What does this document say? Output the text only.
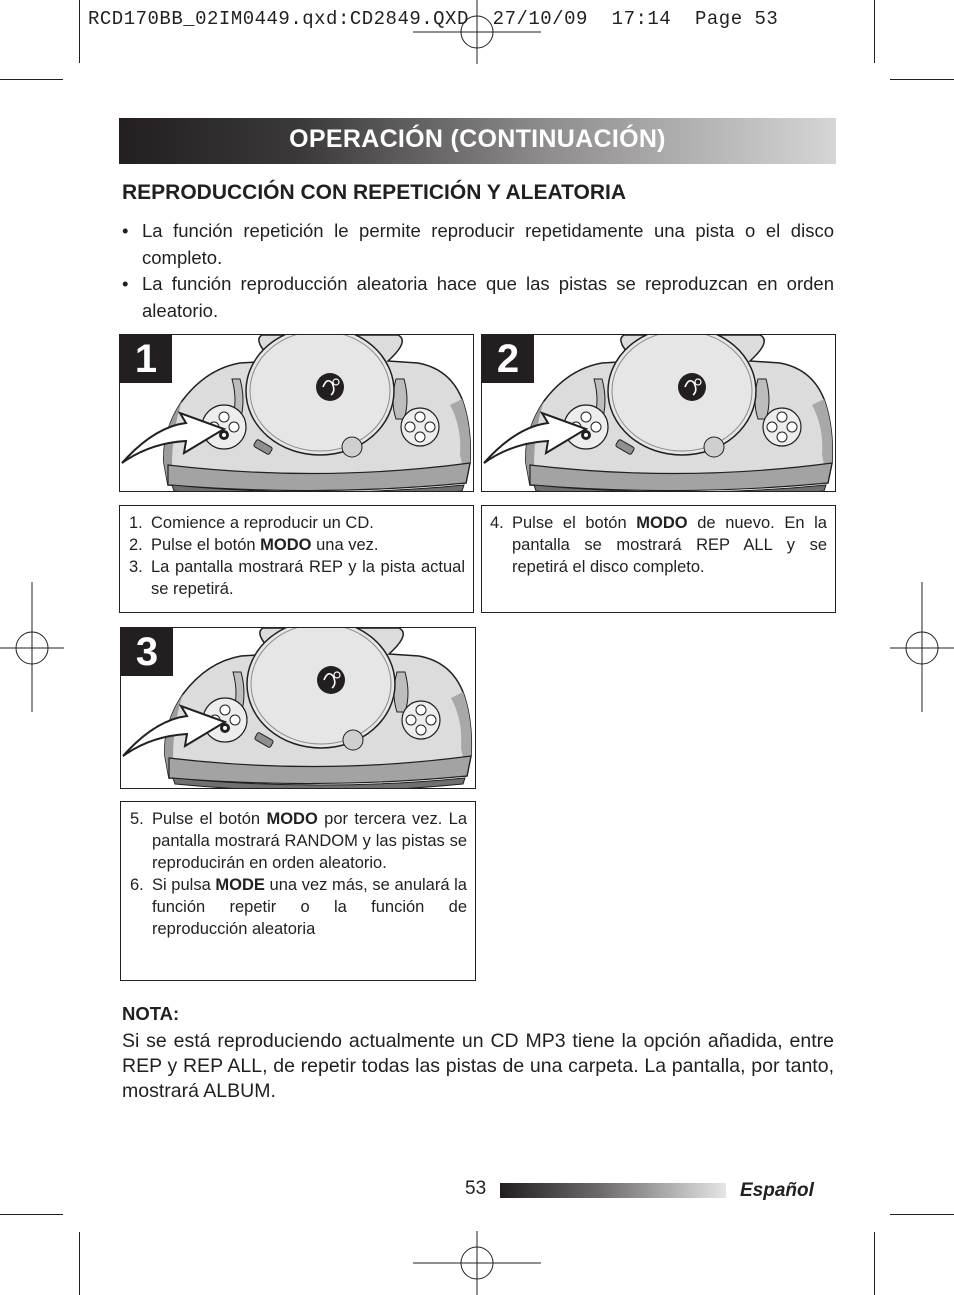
RCD170BB_02IM0449.qxd:CD2849.QXD  27/10/09  17:14  Page 53
OPERACIÓN (CONTINUACIÓN)
REPRODUCCIÓN CON REPETICIÓN Y ALEATORIA
• La función repetición le permite reproducir repetidamente una pista o el disco completo.
• La función reproducción aleatoria hace que las pistas se reproduzcan en orden aleatorio.
1	2
1. Comience a reproducir un CD.
2. Pulse el botón MODO una vez.
3. La pantalla mostrará REP y la pista actual se repetirá.
4. Pulse el botón MODO de nuevo. En la pantalla se mostrará REP ALL y se repetirá el disco completo.
3
5. Pulse el botón MODO por tercera vez. La pantalla mostrará RANDOM y las pistas se reproducirán en orden aleatorio.
6. Si pulsa MODE una vez más, se anulará la función repetir o la función de reproducción aleatoria
NOTA:
Si se está reproduciendo actualmente un CD MP3 tiene la opción añadida, entre REP y REP ALL, de repetir todas las pistas de una carpeta. La pantalla, por tanto, mostrará ALBUM.
53	Español
